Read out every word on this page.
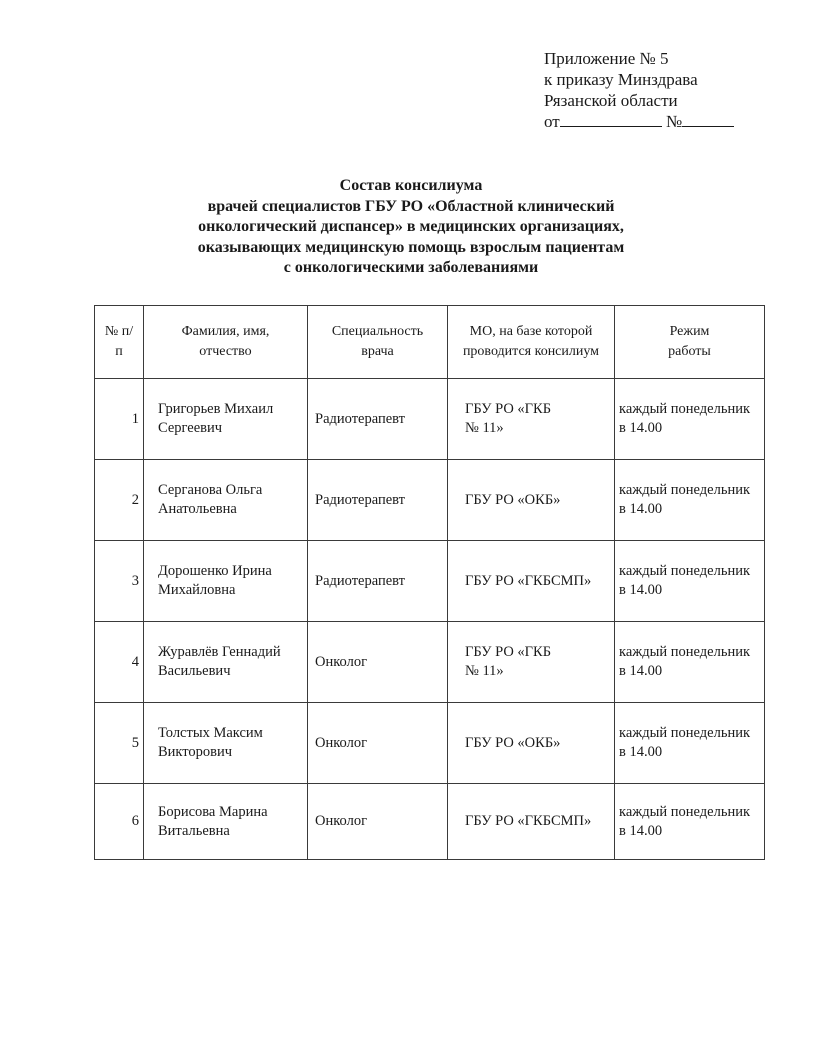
Приложение № 5
к приказу Минздрава
Рязанской области
от	№
Состав консилиума
врачей специалистов ГБУ РО «Областной клинический
онкологический диспансер» в медицинских организациях,
оказывающих медицинскую помощь взрослым пациентам
с онкологическими заболеваниями
№ п/п	Фамилия, имя, отчество	Специальность врача	МО, на базе которой проводится консилиум	Режим работы

1	Григорьев Михаил Сергеевич	Радиотерапевт	ГБУ РО «ГКБ № 11»	каждый понедельник в 14.00

2	Серганова Ольга Анатольевна	Радиотерапевт	ГБУ РО «ОКБ»	каждый понедельник в 14.00

3	Дорошенко Ирина Михайловна	Радиотерапевт	ГБУ РО «ГКБСМП»	каждый понедельник в 14.00

4	Журавлёв Геннадий Васильевич	Онколог	ГБУ РО «ГКБ № 11»	каждый понедельник в 14.00

5	Толстых Максим Викторович	Онколог	ГБУ РО «ОКБ»	каждый понедельник в 14.00

6	Борисова Марина Витальевна	Онколог	ГБУ РО «ГКБСМП»	каждый понедельник в 14.00
